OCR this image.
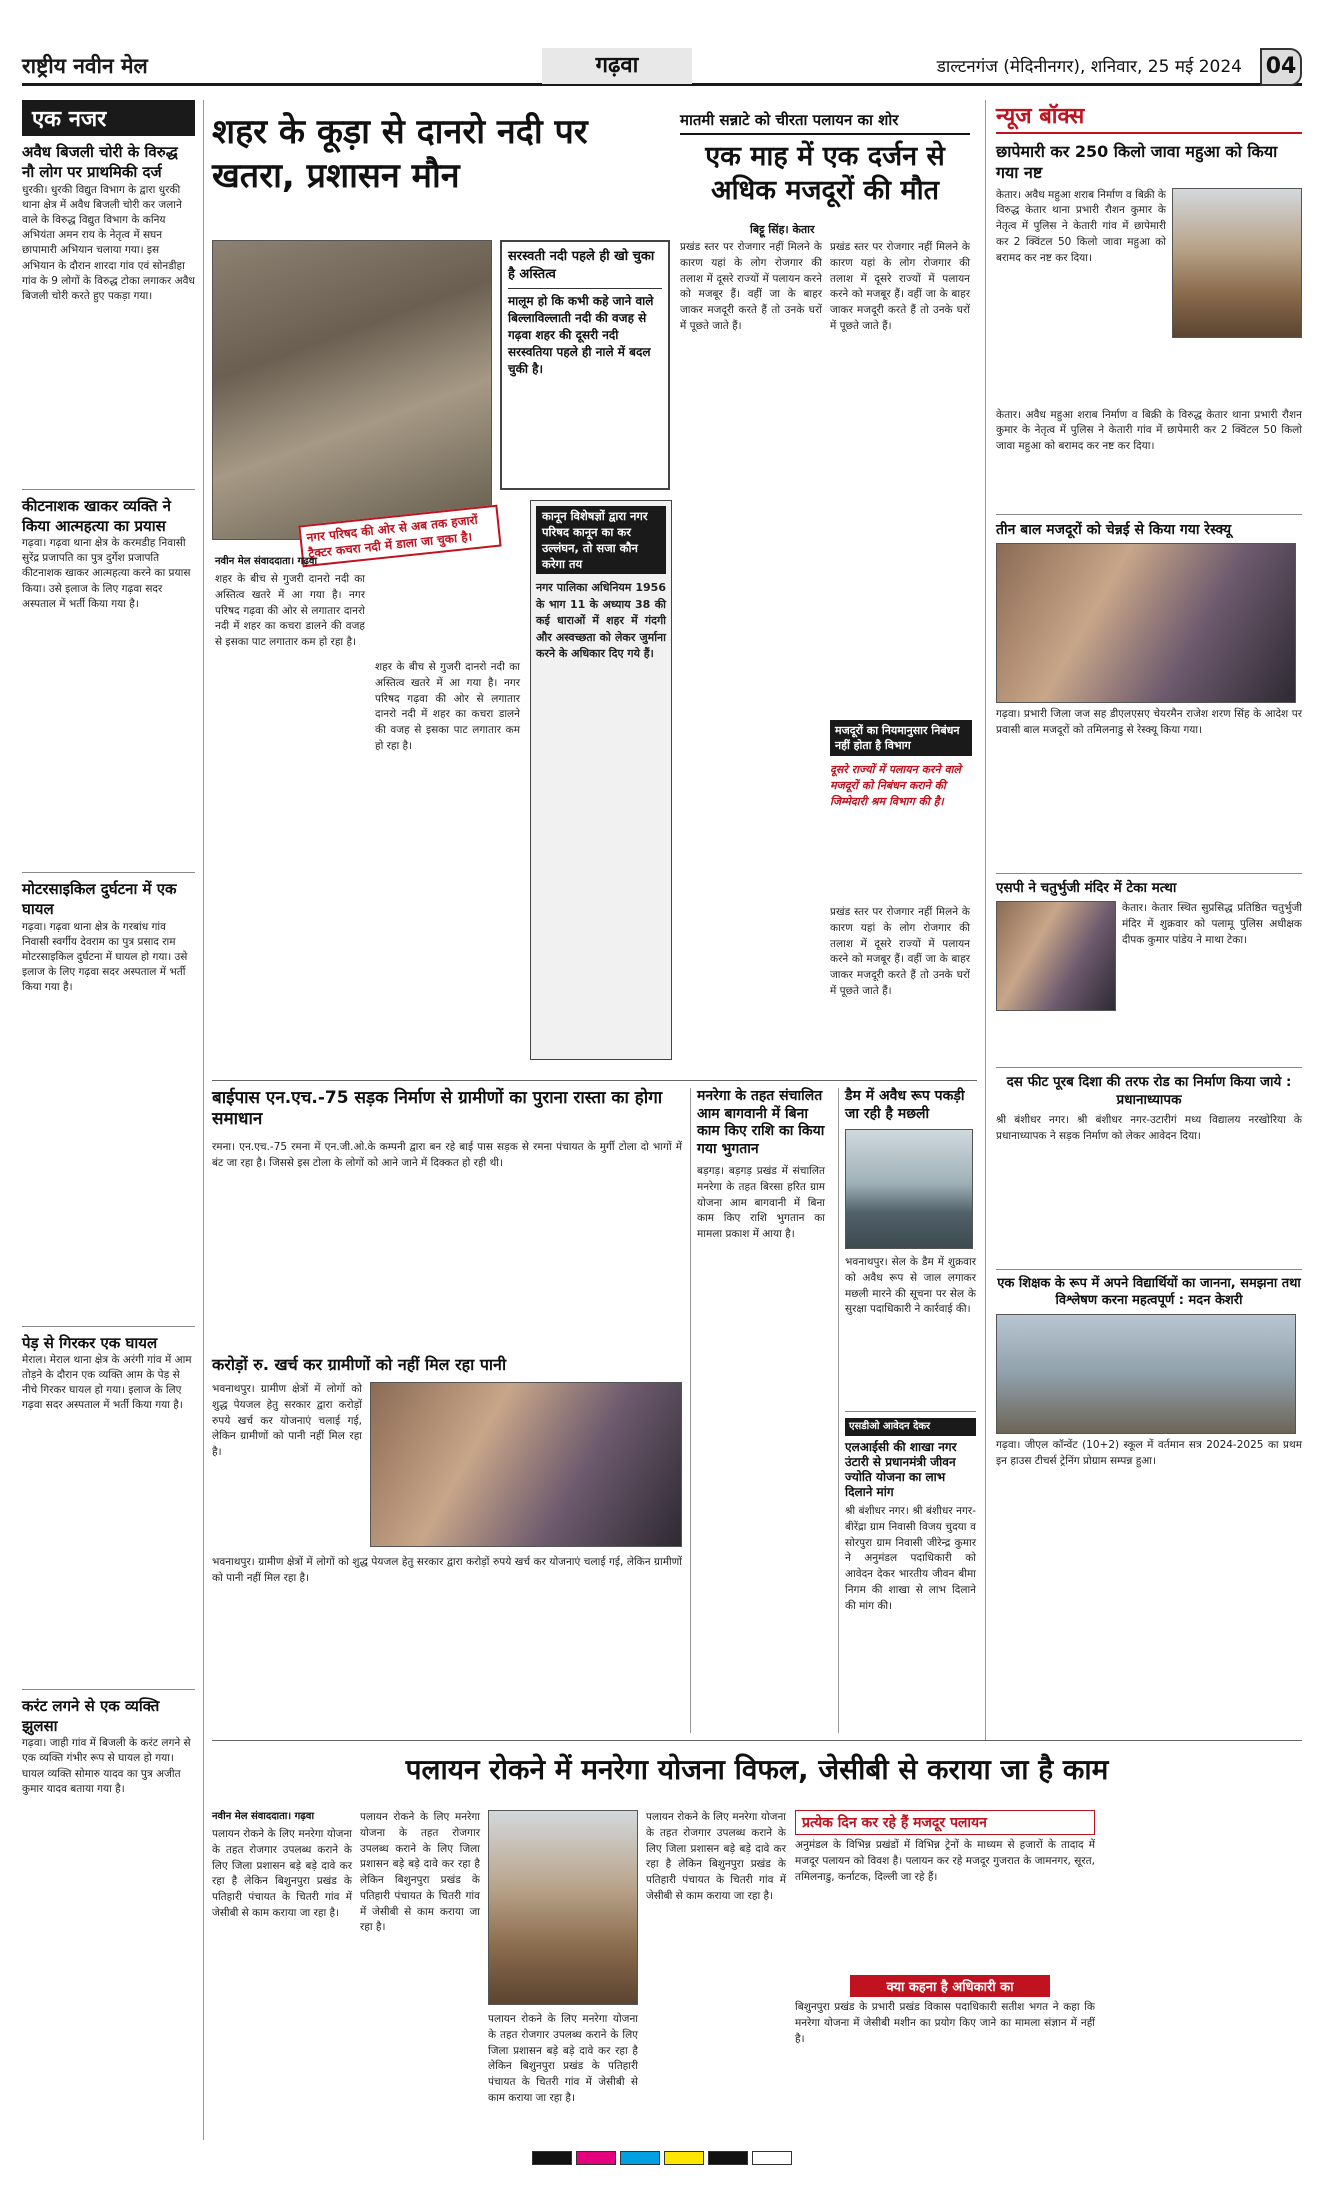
राष्ट्रीय नवीन मेल	गढ़वा	डाल्टनगंज (मेदिनीनगर), शनिवार, 25 मई 2024 04
एक नजर
अवैध बिजली चोरी के विरुद्ध नौ लोग पर प्राथमिकी दर्ज
धुरकी। धुरकी विद्युत विभाग के द्वारा धुरकी थाना क्षेत्र में अवैध बिजली चोरी कर जलाने वाले के विरुद्ध विद्युत विभाग के कनिय अभियंता अमन राय के नेतृत्व में सघन छापामारी अभियान चलाया गया। इस अभियान के दौरान शारदा गांव एवं सोनडीहा गांव के 9 लोगों के विरुद्ध टोका लगाकर अवैध बिजली चोरी करते हुए पकड़ा गया।
कीटनाशक खाकर व्यक्ति ने किया आत्महत्या का प्रयास
गढ़वा। गढ़वा थाना क्षेत्र के करमडीह निवासी सुरेंद्र प्रजापति का पुत्र दुर्गेश प्रजापति कीटनाशक खाकर आत्महत्या करने का प्रयास किया। उसे इलाज के लिए गढ़वा सदर अस्पताल में भर्ती किया गया है।
मोटरसाइकिल दुर्घटना में एक घायल
गढ़वा। गढ़वा थाना क्षेत्र के गरबांध गांव निवासी स्वर्गीय देवराम का पुत्र प्रसाद राम मोटरसाइकिल दुर्घटना में घायल हो गया। उसे इलाज के लिए गढ़वा सदर अस्पताल में भर्ती किया गया है।
पेड़ से गिरकर एक घायल
मेराल। मेराल थाना क्षेत्र के अरंगी गांव में आम तोड़ने के दौरान एक व्यक्ति आम के पेड़ से नीचे गिरकर घायल हो गया। इलाज के लिए गढ़वा सदर अस्पताल में भर्ती किया गया है।
करंट लगने से एक व्यक्ति झुलसा
गढ़वा। जाही गांव में बिजली के करंट लगने से एक व्यक्ति गंभीर रूप से घायल हो गया। घायल व्यक्ति सोमारु यादव का पुत्र अजीत कुमार यादव बताया गया है।
शहर के कूड़ा से दानरो नदी पर खतरा, प्रशासन मौन
सरस्वती नदी पहले ही खो चुका है अस्तित्व
मालूम हो कि कभी कहे जाने वाले बिल्लाविल्लाती नदी की वजह से गढ़वा शहर की दूसरी नदी सरस्वतिया पहले ही नाले में बदल चुकी है।
नगर परिषद की ओर से अब तक हजारों ट्रैक्टर कचरा नदी में डाला जा चुका है।
नवीन मेल संवाददाता। गढ़वा
शहर के बीच से गुजरी दानरो नदी का अस्तित्व खतरे में आ गया है। नगर परिषद गढ़वा की ओर से लगातार दानरो नदी में शहर का कचरा डालने की वजह से इसका पाट लगातार कम हो रहा है।
शहर के बीच से गुजरी दानरो नदी का अस्तित्व खतरे में आ गया है। नगर परिषद गढ़वा की ओर से लगातार दानरो नदी में शहर का कचरा डालने की वजह से इसका पाट लगातार कम हो रहा है।
कानून विशेषज्ञों द्वारा नगर परिषद कानून का कर उल्लंघन, तो सजा कौन करेगा तय
नगर पालिका अधिनियम 1956 के भाग 11 के अध्याय 38 की कई धाराओं में शहर में गंदगी और अस्वच्छता को लेकर जुर्माना करने के अधिकार दिए गये हैं।
मातमी सन्नाटे को चीरता पलायन का शोर
एक माह में एक दर्जन से अधिक मजदूरों की मौत
बिट्टू सिंह। केतार
प्रखंड स्तर पर रोजगार नहीं मिलने के कारण यहां के लोग रोजगार की तलाश में दूसरे राज्यों में पलायन करने को मजबूर हैं। वहीं जा के बाहर जाकर मजदूरी करते हैं तो उनके घरों में पूछते जाते हैं।
प्रखंड स्तर पर रोजगार नहीं मिलने के कारण यहां के लोग रोजगार की तलाश में दूसरे राज्यों में पलायन करने को मजबूर हैं। वहीं जा के बाहर जाकर मजदूरी करते हैं तो उनके घरों में पूछते जाते हैं।
मजदूरों का नियमानुसार निबंधन नहीं होता है विभाग
दूसरे राज्यों में पलायन करने वाले मजदूरों को निबंधन कराने की जिम्मेदारी श्रम विभाग की है।
प्रखंड स्तर पर रोजगार नहीं मिलने के कारण यहां के लोग रोजगार की तलाश में दूसरे राज्यों में पलायन करने को मजबूर हैं। वहीं जा के बाहर जाकर मजदूरी करते हैं तो उनके घरों में पूछते जाते हैं।
न्यूज बॉक्स
छापेमारी कर 250 किलो जावा महुआ को किया गया नष्ट
केतार। अवैध महुआ शराब निर्माण व बिक्री के विरुद्ध केतार थाना प्रभारी रौशन कुमार के नेतृत्व में पुलिस ने केतारी गांव में छापेमारी कर 2 क्विंटल 50 किलो जावा महुआ को बरामद कर नष्ट कर दिया।
केतार। अवैध महुआ शराब निर्माण व बिक्री के विरुद्ध केतार थाना प्रभारी रौशन कुमार के नेतृत्व में पुलिस ने केतारी गांव में छापेमारी कर 2 क्विंटल 50 किलो जावा महुआ को बरामद कर नष्ट कर दिया।
तीन बाल मजदूरों को चेन्नई से किया गया रेस्क्यू
गढ़वा। प्रभारी जिला जज सह डीएलएसए चेयरमैन राजेश शरण सिंह के आदेश पर प्रवासी बाल मजदूरों को तमिलनाडु से रेस्क्यू किया गया।
एसपी ने चतुर्भुजी मंदिर में टेका मत्था
केतार। केतार स्थित सुप्रसिद्ध प्रतिष्ठित चतुर्भुजी मंदिर में शुक्रवार को पलामू पुलिस अधीक्षक दीपक कुमार पांडेय ने माथा टेका।
दस फीट पूरब दिशा की तरफ रोड का निर्माण किया जाये : प्रधानाध्यापक
श्री बंशीधर नगर। श्री बंशीधर नगर-उटारीगं मध्य विद्यालय नरखोरिया के प्रधानाध्यापक ने सड़क निर्माण को लेकर आवेदन दिया।
एक शिक्षक के रूप में अपने विद्यार्थियों का जानना, समझना तथा विश्लेषण करना महत्वपूर्ण : मदन केशरी
गढ़वा। जीएल कॉन्वेंट (10+2) स्कूल में वर्तमान सत्र 2024-2025 का प्रथम इन हाउस टीचर्स ट्रेनिंग प्रोग्राम सम्पन्न हुआ।
बाईपास एन.एच.-75 सड़क निर्माण से ग्रामीणों का पुराना रास्ता का होगा समाधान
रमना। एन.एच.-75 रमना में एन.जी.ओ.के कम्पनी द्वारा बन रहे बाई पास सड़क से रमना पंचायत के मुर्गी टोला दो भागों में बंट जा रहा है। जिससे इस टोला के लोगों को आने जाने में दिक्कत हो रही थी।
करोड़ों रु. खर्च कर ग्रामीणों को नहीं मिल रहा पानी
भवनाथपुर। ग्रामीण क्षेत्रों में लोगों को शुद्ध पेयजल हेतु सरकार द्वारा करोड़ों रुपये खर्च कर योजनाएं चलाई गई, लेकिन ग्रामीणों को पानी नहीं मिल रहा है।
भवनाथपुर। ग्रामीण क्षेत्रों में लोगों को शुद्ध पेयजल हेतु सरकार द्वारा करोड़ों रुपये खर्च कर योजनाएं चलाई गई, लेकिन ग्रामीणों को पानी नहीं मिल रहा है।
मनरेगा के तहत संचालित आम बागवानी में बिना काम किए राशि का किया गया भुगतान
बड़गड़। बड़गड़ प्रखंड में संचालित मनरेगा के तहत बिरसा हरित ग्राम योजना आम बागवानी में बिना काम किए राशि भुगतान का मामला प्रकाश में आया है।
पलायन रोकने में मनरेगा योजना विफल, जेसीबी से कराया जा है काम
नवीन मेल संवाददाता। गढ़वा
पलायन रोकने के लिए मनरेगा योजना के तहत रोजगार उपलब्ध कराने के लिए जिला प्रशासन बड़े बड़े दावे कर रहा है लेकिन बिशुनपुरा प्रखंड के पतिहारी पंचायत के चितरी गांव में जेसीबी से काम कराया जा रहा है।
पलायन रोकने के लिए मनरेगा योजना के तहत रोजगार उपलब्ध कराने के लिए जिला प्रशासन बड़े बड़े दावे कर रहा है लेकिन बिशुनपुरा प्रखंड के पतिहारी पंचायत के चितरी गांव में जेसीबी से काम कराया जा रहा है।
पलायन रोकने के लिए मनरेगा योजना के तहत रोजगार उपलब्ध कराने के लिए जिला प्रशासन बड़े बड़े दावे कर रहा है लेकिन बिशुनपुरा प्रखंड के पतिहारी पंचायत के चितरी गांव में जेसीबी से काम कराया जा रहा है।
पलायन रोकने के लिए मनरेगा योजना के तहत रोजगार उपलब्ध कराने के लिए जिला प्रशासन बड़े बड़े दावे कर रहा है लेकिन बिशुनपुरा प्रखंड के पतिहारी पंचायत के चितरी गांव में जेसीबी से काम कराया जा रहा है।
प्रत्येक दिन कर रहे हैं मजदूर पलायन
अनुमंडल के विभिन्न प्रखंडों में विभिन्न ट्रेनों के माध्यम से हजारों के तादाद में मजदूर पलायन को विवश है। पलायन कर रहे मजदूर गुजरात के जामनगर, सूरत, तमिलनाडु, कर्नाटक, दिल्ली जा रहे हैं।
क्या कहना है अधिकारी का
बिशुनपुरा प्रखंड के प्रभारी प्रखंड विकास पदाधिकारी सतीश भगत ने कहा कि मनरेगा योजना में जेसीबी मशीन का प्रयोग किए जाने का मामला संज्ञान में नहीं है।
डैम में अवैध रूप पकड़ी जा रही है मछली
भवनाथपुर। सेल के डैम में शुक्रवार को अवैध रूप से जाल लगाकर मछली मारने की सूचना पर सेल के सुरक्षा पदाधिकारी ने कार्रवाई की।
एसडीओ आवेदन देकर
एलआईसी की शाखा नगर उंटारी से प्रधानमंत्री जीवन ज्योति योजना का लाभ दिलाने मांग
श्री बंशीधर नगर। श्री बंशीधर नगर-बीरेंद्रा ग्राम निवासी विजय चुदया व सोरपुरा ग्राम निवासी जीरेन्द्र कुमार ने अनुमंडल पदाधिकारी को आवेदन देकर भारतीय जीवन बीमा निगम की शाखा से लाभ दिलाने की मांग की।
